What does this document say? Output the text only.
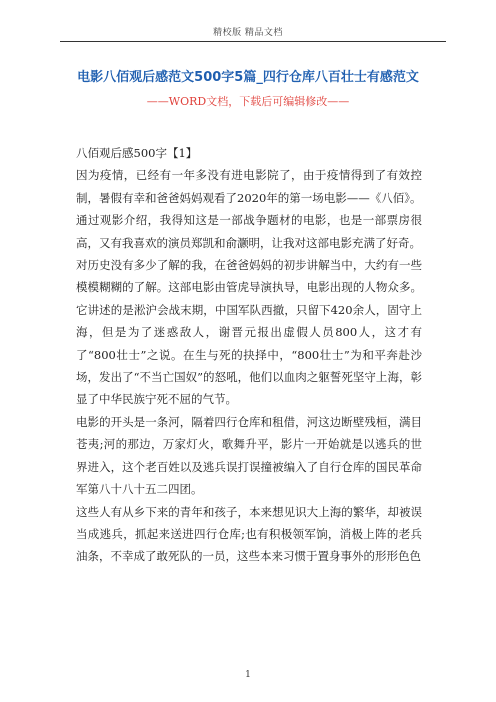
精校版 精品文档
电影八佰观后感范文500字5篇_四行仓库八百壮士有感范文
——WORD文档，下载后可编辑修改——

八佰观后感500字【1】

因为疫情，已经有一年多没有进电影院了，由于疫情得到了有效控制，暑假有幸和爸爸妈妈观看了2020年的第一场电影——《八佰》。

通过观影介绍，我得知这是一部战争题材的电影，也是一部票房很高，又有我喜欢的演员郑凯和俞灏明，让我对这部电影充满了好奇。

对历史没有多少了解的我，在爸爸妈妈的初步讲解当中，大约有一些模模糊糊的了解。这部电影由管虎导演执导，电影出现的人物众多。它讲述的是淞沪会战末期，中国军队西撤，只留下420余人，固守上海，但是为了迷惑敌人，谢晋元报出虚假人员800人，这才有了“800壮士”之说。在生与死的抉择中，“800壮士”为和平奔赴沙场，发出了“不当亡国奴”的怒吼，他们以血肉之躯誓死坚守上海，彰显了中华民族宁死不屈的气节。

电影的开头是一条河，隔着四行仓库和租借，河这边断壁残桓，满目苍夷;河的那边，万家灯火，歌舞升平，影片一开始就是以逃兵的世界进入，这个老百姓以及逃兵误打误撞被编入了自行仓库的国民革命军第八十八十五二四团。

这些人有从乡下来的青年和孩子，本来想见识大上海的繁华，却被误当成逃兵，抓起来送进四行仓库;也有积极领军饷，消极上阵的老兵油条，不幸成了敢死队的一员，这些本来习惯于置身事外的形形色色

1
